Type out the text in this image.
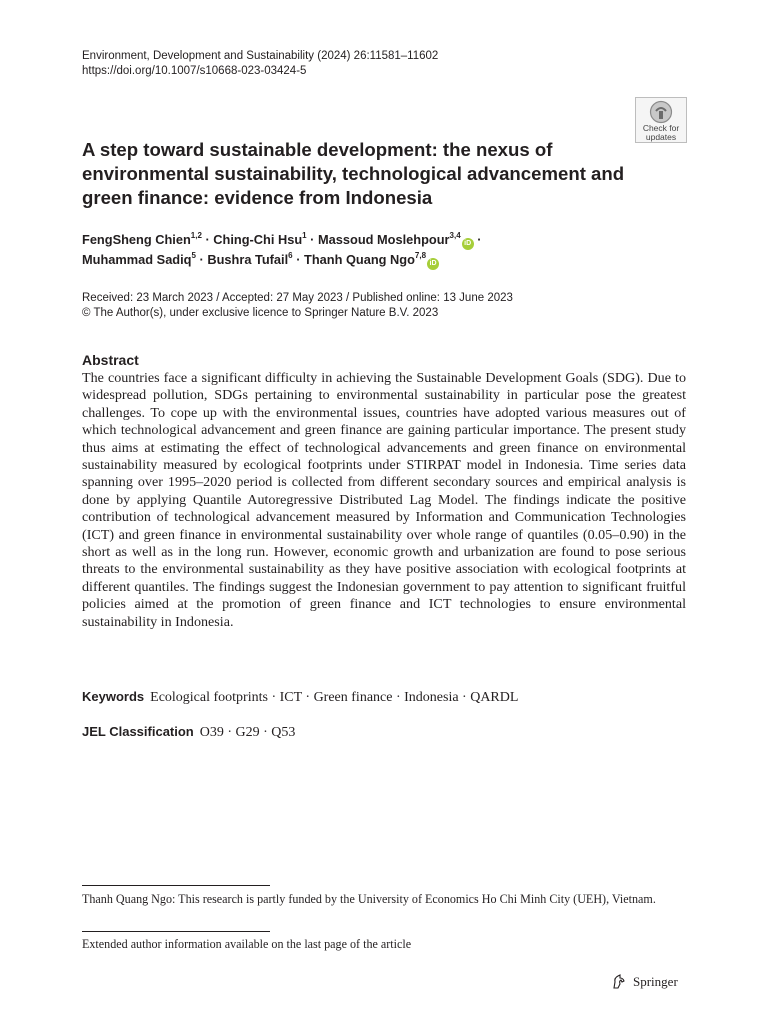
Environment, Development and Sustainability (2024) 26:11581–11602
https://doi.org/10.1007/s10668-023-03424-5
Check for
updates
A step toward sustainable development: the nexus of environmental sustainability, technological advancement and green finance: evidence from Indonesia
FengSheng Chien$^{1,2}$ · Ching-Chi Hsu$^1$ · Massoud Moslehpour$^{3,4}$iD ·
Muhammad Sadiq$^5$ · Bushra Tufail$^6$ · Thanh Quang Ngo$^{7,8}$iD
Received: 23 March 2023 / Accepted: 27 May 2023 / Published online: 13 June 2023
© The Author(s), under exclusive licence to Springer Nature B.V. 2023
Abstract

The countries face a significant difficulty in achieving the Sustainable Development Goals (SDG). Due to widespread pollution, SDGs pertaining to environmental sustainability in particular pose the greatest challenges. To cope up with the environmental issues, countries have adopted various measures out of which technological advancement and green finance are gaining particular importance. The present study thus aims at estimating the effect of technological advancements and green finance on environmental sustainability measured by ecological footprints under STIRPAT model in Indonesia. Time series data spanning over 1995–2020 period is collected from different secondary sources and empirical analysis is done by applying Quantile Autoregressive Distributed Lag Model. The findings indicate the positive contribution of technological advancement measured by Information and Communication Technologies (ICT) and green finance in environmental sustainability over whole range of quantiles (0.05–0.90) in the short as well as in the long run. However, economic growth and urbanization are found to pose serious threats to the environmental sustainability as they have positive association with ecological footprints at different quantiles. The findings suggest the Indonesian government to pay attention to significant fruitful policies aimed at the promotion of green finance and ICT technologies to ensure environmental sustainability in Indonesia.

Keywords Ecological footprints · ICT · Green finance · Indonesia · QARDL
JEL Classification O39 · G29 · Q53
Thanh Quang Ngo: This research is partly funded by the University of Economics Ho Chi Minh City (UEH), Vietnam.
Extended author information available on the last page of the article
Springer
